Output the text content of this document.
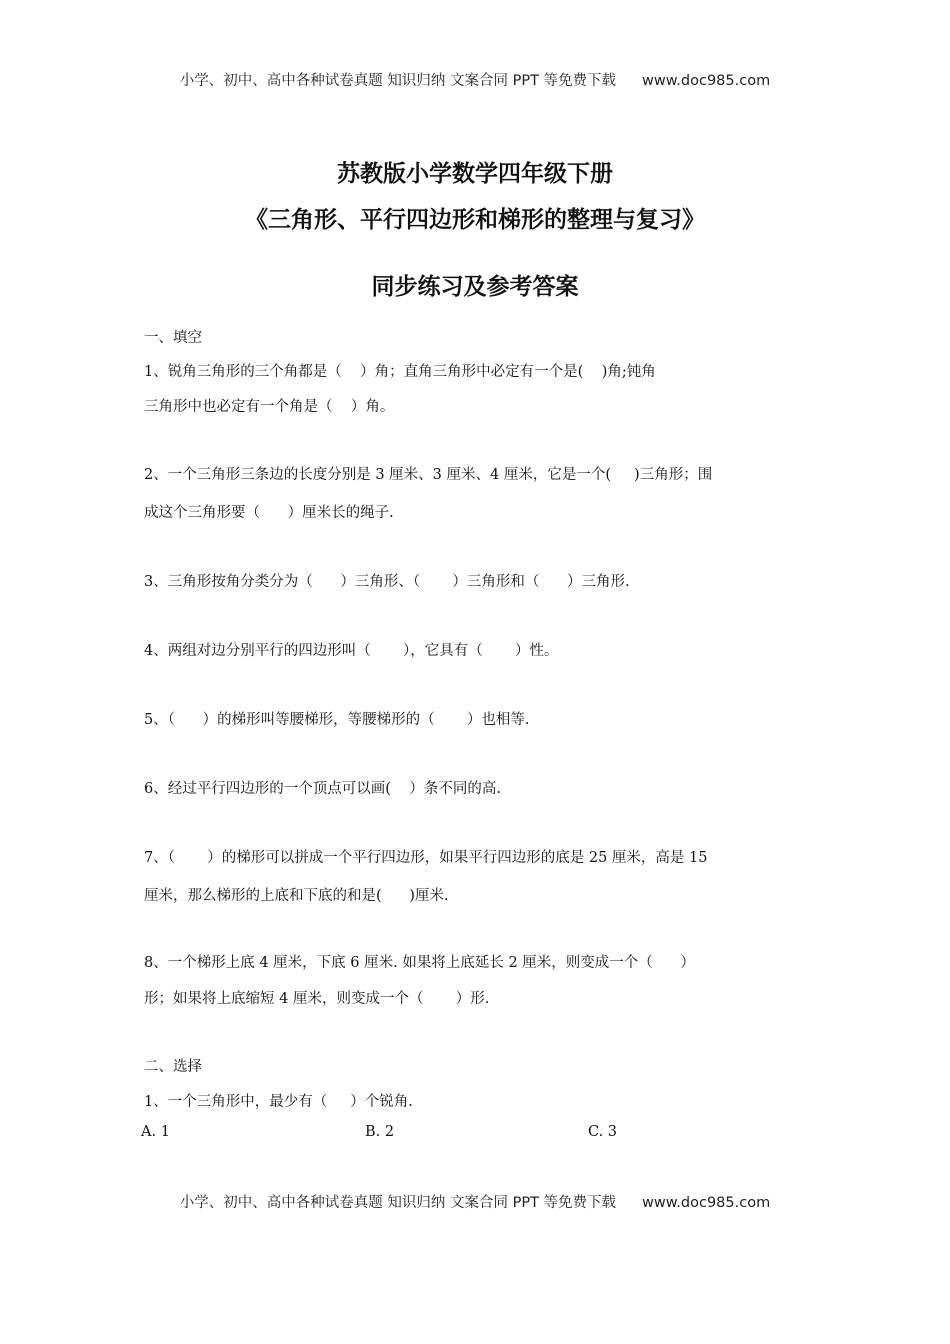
小学、初中、高中各种试卷真题 知识归纳 文案合同 PPT 等免费下载 www.doc985.com
苏教版小学数学四年级下册
《三角形、平行四边形和梯形的整理与复习》
同步练习及参考答案
一、填空
1、锐角三角形的三个角都是（    ）角；直角三角形中必定有一个是(    )角;钝角
三角形中也必定有一个角是（    ）角。
2、一个三角形三条边的长度分别是 3 厘米、3 厘米、4 厘米，它是一个(     )三角形；围
成这个三角形要（      ）厘米长的绳子.
3、三角形按角分类分为（      ）三角形、（       ）三角形和（      ）三角形.
4、两组对边分别平行的四边形叫（       ），它具有（       ）性。
5、（      ）的梯形叫等腰梯形，等腰梯形的（       ）也相等.
6、经过平行四边形的一个顶点可以画(    ）条不同的高.
7、（       ）的梯形可以拼成一个平行四边形，如果平行四边形的底是 25 厘米，高是 15
厘米，那么梯形的上底和下底的和是(      )厘米.
8、一个梯形上底 4 厘米，下底 6 厘米. 如果将上底延长 2 厘米，则变成一个（      ）
形；如果将上底缩短 4 厘米，则变成一个（       ）形.
二、选择
1、一个三角形中，最少有（     ）个锐角.
A. 1	B. 2	C. 3
小学、初中、高中各种试卷真题 知识归纳 文案合同 PPT 等免费下载 www.doc985.com
